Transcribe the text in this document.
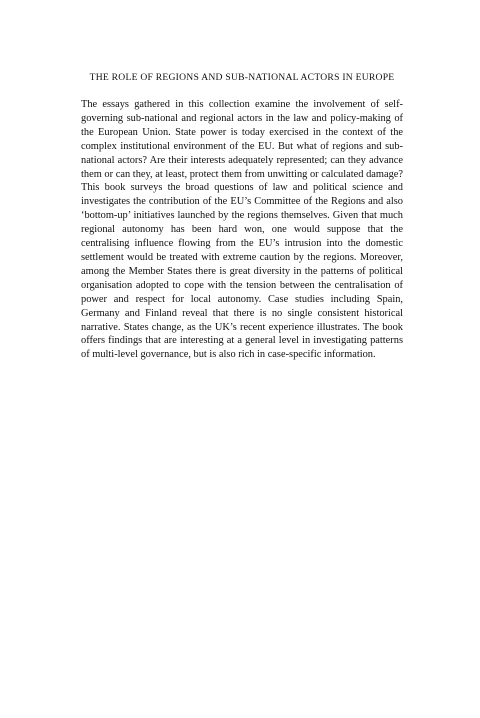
THE ROLE OF REGIONS AND SUB-NATIONAL ACTORS IN EUROPE

The essays gathered in this collection examine the involvement of self-governing sub-national and regional actors in the law and policy-making of the European Union. State power is today exercised in the context of the complex institutional environment of the EU. But what of regions and sub-national actors? Are their interests adequately represented; can they advance them or can they, at least, protect them from unwitting or calculated damage? This book surveys the broad questions of law and political science and investigates the contribution of the EU’s Committee of the Regions and also ‘bottom-up’ initiatives launched by the regions themselves. Given that much regional autonomy has been hard won, one would suppose that the centralising influence flowing from the EU’s intrusion into the domestic settlement would be treated with extreme caution by the regions. Moreover, among the Member States there is great diversity in the patterns of political organisation adopted to cope with the tension between the centralisation of power and respect for local autonomy. Case studies including Spain, Germany and Finland reveal that there is no single consistent historical narrative. States change, as the UK’s recent experience illustrates. The book offers findings that are interesting at a general level in investigating patterns of multi-level governance, but is also rich in case-specific information.
